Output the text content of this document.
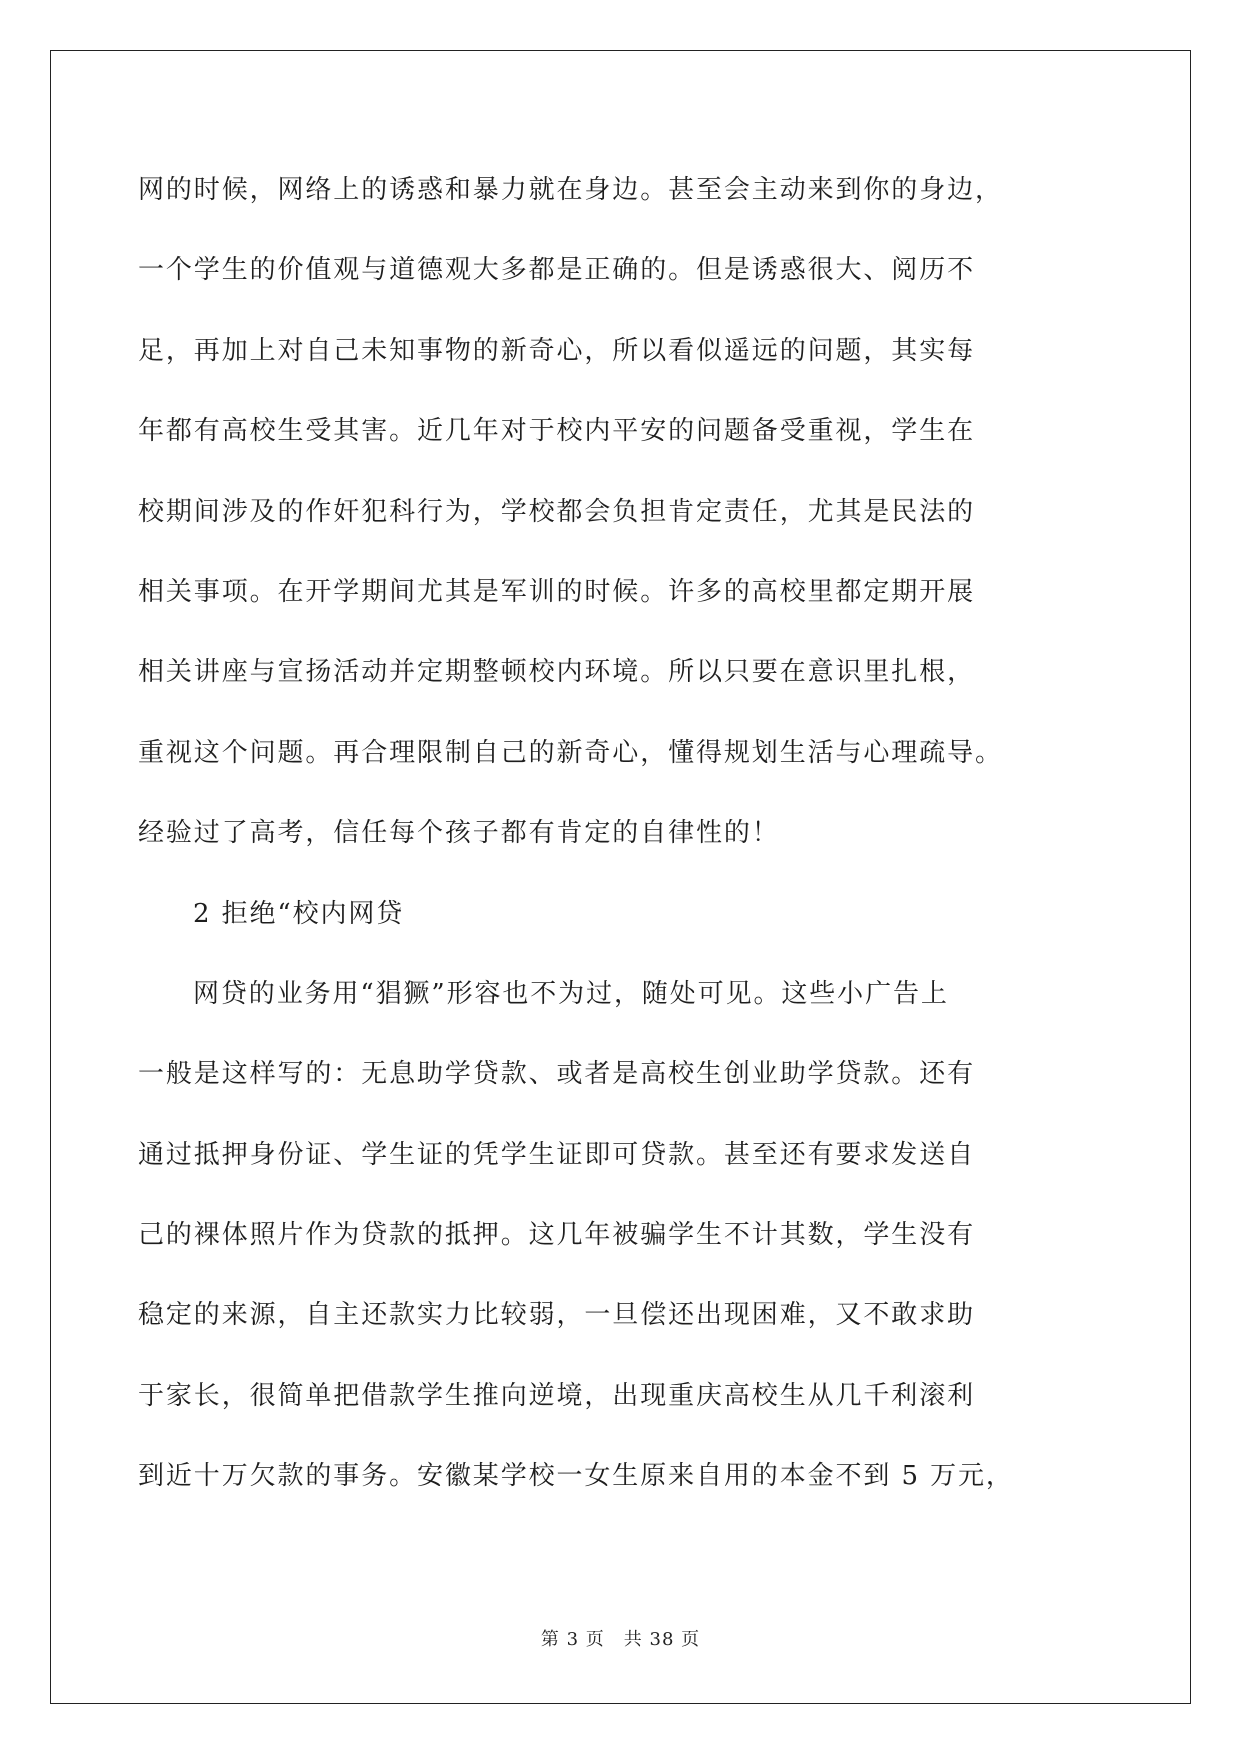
网的时候，网络上的诱惑和暴力就在身边。甚至会主动来到你的身边，
一个学生的价值观与道德观大多都是正确的。但是诱惑很大、阅历不
足，再加上对自己未知事物的新奇心，所以看似遥远的问题，其实每
年都有高校生受其害。近几年对于校内平安的问题备受重视，学生在
校期间涉及的作奸犯科行为，学校都会负担肯定责任，尤其是民法的
相关事项。在开学期间尤其是军训的时候。许多的高校里都定期开展
相关讲座与宣扬活动并定期整顿校内环境。所以只要在意识里扎根，
重视这个问题。再合理限制自己的新奇心，懂得规划生活与心理疏导。
经验过了高考，信任每个孩子都有肯定的自律性的！
2 拒绝“校内网贷
网贷的业务用“猖獗”形容也不为过，随处可见。这些小广告上
一般是这样写的：无息助学贷款、或者是高校生创业助学贷款。还有
通过抵押身份证、学生证的凭学生证即可贷款。甚至还有要求发送自
己的裸体照片作为贷款的抵押。这几年被骗学生不计其数，学生没有
稳定的来源，自主还款实力比较弱，一旦偿还出现困难，又不敢求助
于家长，很简单把借款学生推向逆境，出现重庆高校生从几千利滚利
到近十万欠款的事务。安徽某学校一女生原来自用的本金不到 5 万元，
第 3 页　共 38 页
